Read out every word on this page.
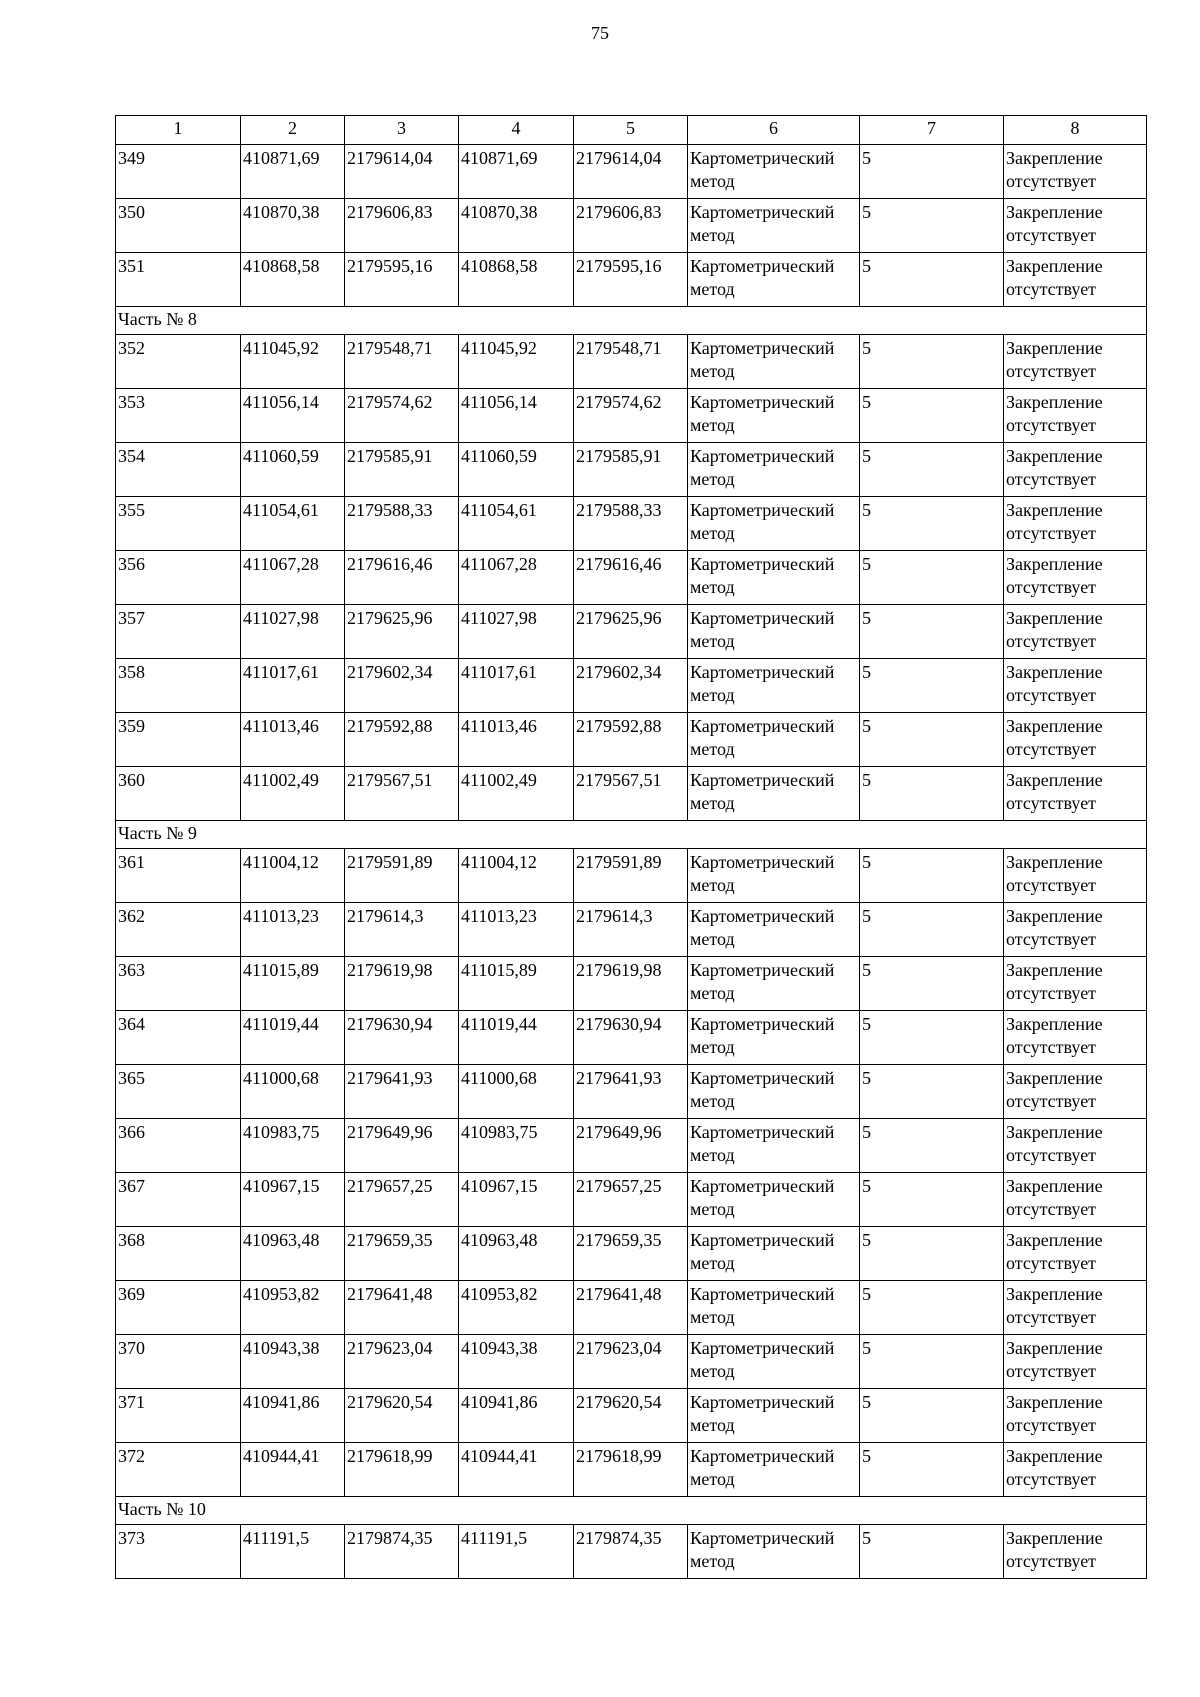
75
1	2	3	4	5	6	7	8
349	410871,69	2179614,04	410871,69	2179614,04	Картометрический метод	5	Закрепление отсутствует
350	410870,38	2179606,83	410870,38	2179606,83	Картометрический метод	5	Закрепление отсутствует
351	410868,58	2179595,16	410868,58	2179595,16	Картометрический метод	5	Закрепление отсутствует
Часть № 8							
352	411045,92	2179548,71	411045,92	2179548,71	Картометрический метод	5	Закрепление отсутствует
353	411056,14	2179574,62	411056,14	2179574,62	Картометрический метод	5	Закрепление отсутствует
354	411060,59	2179585,91	411060,59	2179585,91	Картометрический метод	5	Закрепление отсутствует
355	411054,61	2179588,33	411054,61	2179588,33	Картометрический метод	5	Закрепление отсутствует
356	411067,28	2179616,46	411067,28	2179616,46	Картометрический метод	5	Закрепление отсутствует
357	411027,98	2179625,96	411027,98	2179625,96	Картометрический метод	5	Закрепление отсутствует
358	411017,61	2179602,34	411017,61	2179602,34	Картометрический метод	5	Закрепление отсутствует
359	411013,46	2179592,88	411013,46	2179592,88	Картометрический метод	5	Закрепление отсутствует
360	411002,49	2179567,51	411002,49	2179567,51	Картометрический метод	5	Закрепление отсутствует
Часть № 9							
361	411004,12	2179591,89	411004,12	2179591,89	Картометрический метод	5	Закрепление отсутствует
362	411013,23	2179614,3	411013,23	2179614,3	Картометрический метод	5	Закрепление отсутствует
363	411015,89	2179619,98	411015,89	2179619,98	Картометрический метод	5	Закрепление отсутствует
364	411019,44	2179630,94	411019,44	2179630,94	Картометрический метод	5	Закрепление отсутствует
365	411000,68	2179641,93	411000,68	2179641,93	Картометрический метод	5	Закрепление отсутствует
366	410983,75	2179649,96	410983,75	2179649,96	Картометрический метод	5	Закрепление отсутствует
367	410967,15	2179657,25	410967,15	2179657,25	Картометрический метод	5	Закрепление отсутствует
368	410963,48	2179659,35	410963,48	2179659,35	Картометрический метод	5	Закрепление отсутствует
369	410953,82	2179641,48	410953,82	2179641,48	Картометрический метод	5	Закрепление отсутствует
370	410943,38	2179623,04	410943,38	2179623,04	Картометрический метод	5	Закрепление отсутствует
371	410941,86	2179620,54	410941,86	2179620,54	Картометрический метод	5	Закрепление отсутствует
372	410944,41	2179618,99	410944,41	2179618,99	Картометрический метод	5	Закрепление отсутствует
Часть № 10							
373	411191,5	2179874,35	411191,5	2179874,35	Картометрический метод	5	Закрепление отсутствует
